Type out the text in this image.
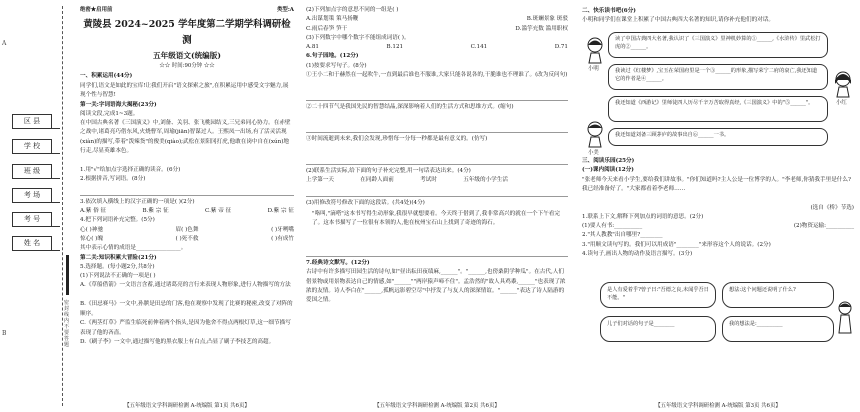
区 县
学 校
班 级
考 场
考 号
姓 名
密封线内不要答题
A
B
绝密★启用前	类型:A
黄陵县 2024~2025 学年度第二学期学科调研检测
五年级语文(统编版)
☆☆ 时间:90分钟 ☆☆
一、积累运用(44分)
同学们,语文是如此的宝库!让我们开启"语文探索之旅",在积累运用中感受文字魅力,展现个性与智慧!
第一关:字词语海大揭秘(23分)
阅读文段,完成1~3题。
在中国古典名著《三国演义》中,刘备、关羽、张飞桃园结义,三兄弟同心协力。在赤壁之战中,诸葛亮巧借东风,火烧曹军,周瑜(jiān)智谋过人。王熙凤一出场,有了活灵活现(xiàn)的描写,带着"泼辣货"的俊美(qiào);武松在景阳冈打虎,他敢在岗中自在(xún)地行走,尽显英雄本色。
1.用"√"给加点字选择正确的读音。(6分)
2.根据拼音,写词语。(8分)
3.依次填入横线上的汉字正确的一项是( )(2分)
A.紫 俗 征	B.紫 宗 征	C.紫 帝 征	D.紫 宗 征
4.把下列词语补充完整。(5分)
心( )神驰	眉( )色舞	( )牙咧嘴
惊心( )魄	( )死不救	( )有成竹
其中表示心情的成语是________________。
第二关:知识积累大冒险(21分)
5.选择题。(每小题2分,共8分)
(1)下列说法不正确的一项是( )
A.《草船借箭》一文语言含蓄,通过诸葛亮的言行来表现人物形象,进行人物描写的方法
B.《田忌赛马》一文中,孙膑是田忌的门客,他在观察中发现了比赛的秘密,改变了对阵的顺序。
C.《两茎灯草》严监生临死前伸着两个指头,是因为他舍不得点两根灯草,这一细节描写表现了他的吝啬。
D.《刷子李》一文中,通过描写他的黑衣服上有白点,凸显了刷子李技艺的高超。
【五年级语文学科调研检测 A-统编版 第1页 共6页】
(2)下列加点字的意思不同的一组是( )
A.出谋划策 策马扬鞭	B.斑斓景象 斑驳
C.雨后春笋 笋干	D.滥竽充数 滥用职权
(3)下列数字中哪个数字不能组成词语( )。
A.81	B.121	C.141	D.71
6.句子园地。(12分)
(1)按要求写句子。(8分)
①王小二和于赫然在一起吹牛,一直到最后谁也不服谁,大家只能各说各的,干脆谁也不理谁了。(改为反问句)
②二十四节气是我国先民的智慧结晶,深深影响着人们的生活方式和思维方式。(缩句)
③时间流逝到未来,我们会发现,珍惜每一分每一秒都是最有意义的。(仿写)
(2)联系生活实际,给下面的句子补充完整,用一句话表达出来。(4分)
上学第一天	在同龄人面前	考试时	五年级的小学生活
(3)用修改符号修改下面的这段话。(共4处)(4分)
"咯叫,"滴嗒"这本书写得生动形象,我很早就想要看。今天终于借到了,我非常高兴的就在一个下午看完了。这本书描写了一位很有本领的人,他在杭州宝石山上找到了奇迹的海石。
7.经典诗文默写。(12分)
古诗中有许多描写田园生活的诗句,如"昼出耘田夜绩麻,______"。"______,也傍桑阴学种瓜"。在古代,人们借景物或用景物表达自己的情感,如"______""两岸猿声啼不住"。孟浩然的"故人具鸡黍,______"也表现了浓浓的友情。诗人李白在"______,孤帆远影碧空尽"中抒发了与友人的深深情谊。"______"表达了诗人陆游的爱国之情。
【五年级语文学科调研检测 A-统编版 第2页 共6页】
二、快乐读书吧(6分)
小明和同学们在课堂上积累了中国古典四大名著的知识,请你补充他们的对话。
读了中国古典四大名著,我认识了《三国演义》里神机妙算的①______,《水浒传》里武松打虎的②______。
我读过《红楼梦》,宝玉在荣国府里是一个③______的形象,描写荣宁二府的衰亡,我还知道它的作者是④______。
我还知道《西游记》里师徒四人历尽千辛万苦取得真经,《三国演义》中的"⑤______"。
我还知道刘备三顾茅庐的故事出自⑥______一书。
小明
小红
小美
三、阅读乐园(25分)
(一)课内阅读(12分)
"张老师今天来看小学生,要给我们讲故事。"你们知道吗?主人公是一位博学的人。"李老师,你猜我手里是什么?我已经准备好了。"大家都看着李老师……
(选自《桥》节选)
1.联系上下文,解释下列加点的词语的意思。(2分)
(1)要人有书:__________	(2)物资运输:__________
2."其人教教"出自哪里?________
3."用顺文读句写的。我们可以用成语"________"来形容这个人的说话。(2分)
4.读句子,画出人物的动作及语言描写。(3分)
是人有爱着乎?曾子曰:"吾德之良,未闻乎吾日不能。"
想法:这个问题还说明了什么?
儿子们对话的句子是________	我的想法是:__________
【五年级语文学科调研检测 A-统编版 第3页 共6页】
